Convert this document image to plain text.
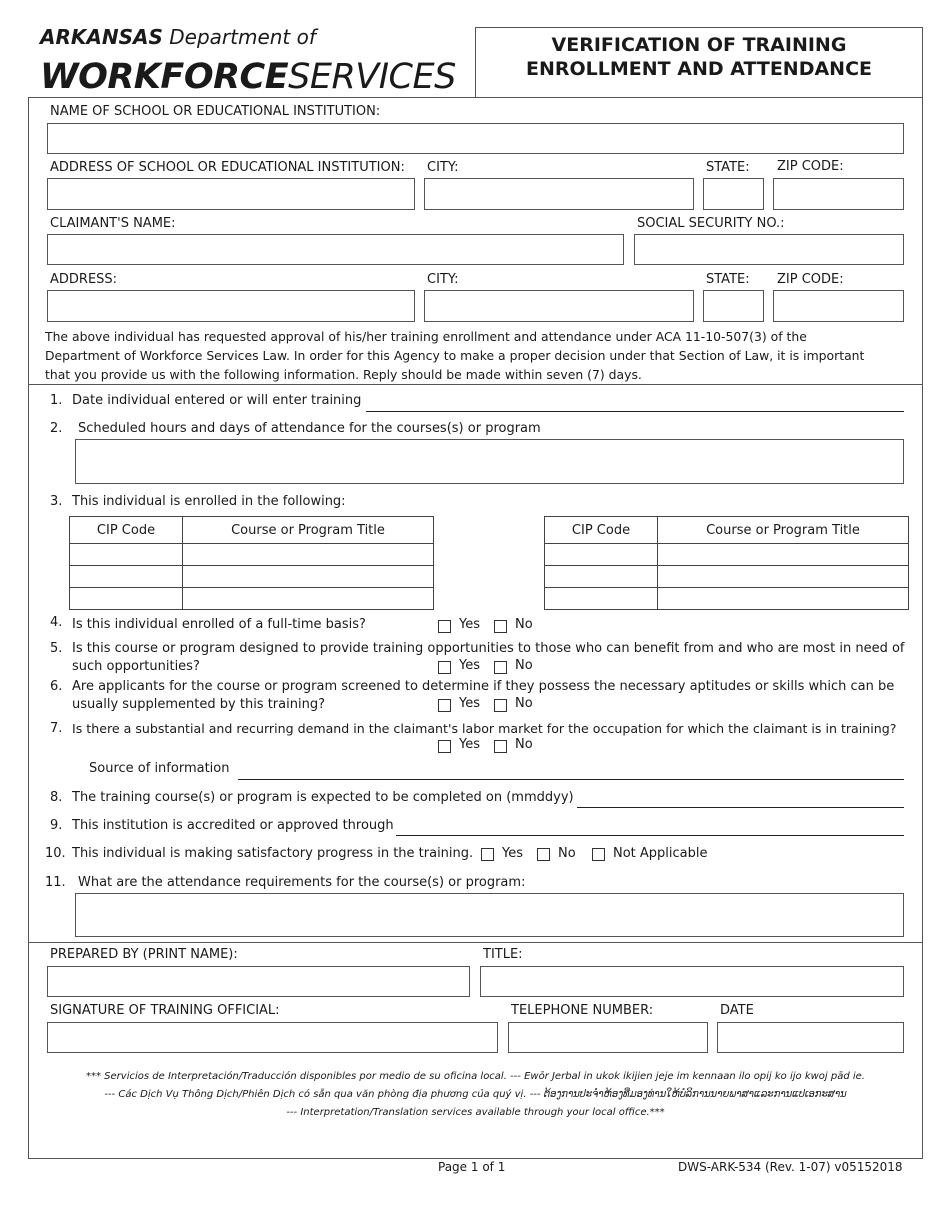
ARKANSAS Department of
WORKFORCESERVICES
VERIFICATION OF TRAINING
ENROLLMENT AND ATTENDANCE
NAME OF SCHOOL OR EDUCATIONAL INSTITUTION:
ADDRESS OF SCHOOL OR EDUCATIONAL INSTITUTION: CITY:	STATE: ZIP CODE:
CLAIMANT'S NAME:	SOCIAL SECURITY NO.:
ADDRESS:	CITY:	STATE: ZIP CODE:
The above individual has requested approval of his/her training enrollment and attendance under ACA 11-10-507(3) of the
Department of Workforce Services Law. In order for this Agency to make a proper decision under that Section of Law, it is important
that you provide us with the following information. Reply should be made within seven (7) days.
1. Date individual entered or will enter training
2. Scheduled hours and days of attendance for the courses(s) or program
3. This individual is enrolled in the following:
CIP Code	Course or Program Title

		CIP Code	Course or Program Title

4. Is this individual enrolled of a full-time basis?	Yes	No
5. Is this course or program designed to provide training opportunities to those who can benefit from and who are most in need of
such opportunities?	Yes	No
6. Are applicants for the course or program screened to determine if they possess the necessary aptitudes or skills which can be
usually supplemented by this training?	Yes	No
7. Is there a substantial and recurring demand in the claimant's labor market for the occupation for which the claimant is in training?
Yes	No
Source of information
8. The training course(s) or program is expected to be completed on (mmddyy)
9. This institution is accredited or approved through
10. This individual is making satisfactory progress in the training. Yes	No	Not Applicable
11. What are the attendance requirements for the course(s) or program:
PREPARED BY (PRINT NAME):	TITLE:
SIGNATURE OF TRAINING OFFICIAL:	TELEPHONE NUMBER:	DATE
*** Servicios de Interpretación/Traducción disponibles por medio de su oficina local. --- Ewōr Jerbal in ukok ikijien jeje im kennaan ilo opij ko ijo kwoj pād ie.
--- Các Dịch Vụ Thông Dịch/Phiên Dịch có sẵn qua văn phòng địa phương của quý vị. --- ຕ້ອງການປະຈໍາຫ້ອງທີ່ມອງທ່ານໃຫ້ບໍລິການນາຍພາສາແລະການແປເອກະສານ
--- Interpretation/Translation services available through your local office.***
Page 1 of 1	DWS-ARK-534 (Rev. 1-07) v05152018
